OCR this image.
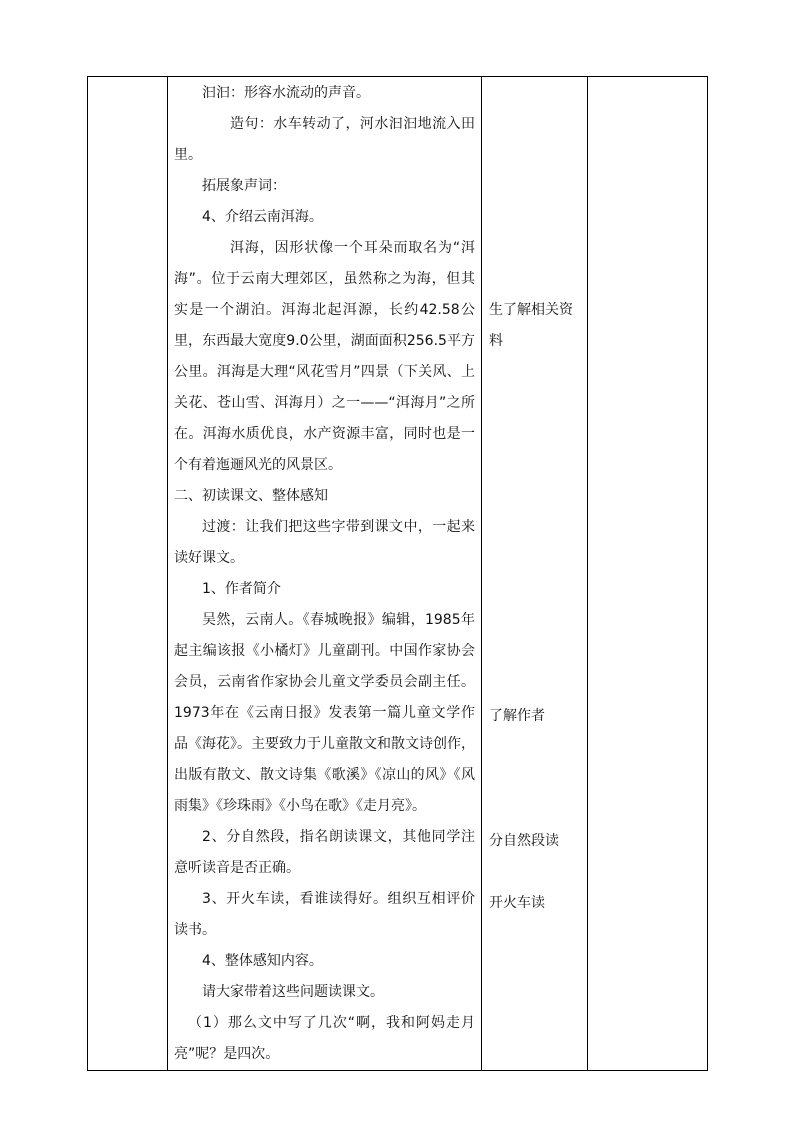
汩汩：形容水流动的声音。

造句：水车转动了，河水汩汩地流入田里。

拓展象声词：

4、介绍云南洱海。

洱海，因形状像一个耳朵而取名为“洱海”。位于云南大理郊区，虽然称之为海，但其实是一个湖泊。洱海北起洱源，长约42.58公里，东西最大宽度9.0公里，湖面面积256.5平方公里。洱海是大理“风花雪月”四景（下关风、上关花、苍山雪、洱海月）之一——“洱海月”之所在。洱海水质优良，水产资源丰富，同时也是一个有着迤逦风光的风景区。

二、初读课文、整体感知

过渡：让我们把这些字带到课文中，一起来读好课文。

1、作者简介

吴然，云南人。《春城晚报》编辑，1985年起主编该报《小橘灯》儿童副刊。中国作家协会会员，云南省作家协会儿童文学委员会副主任。1973年在《云南日报》发表第一篇儿童文学作品《海花》。主要致力于儿童散文和散文诗创作，出版有散文、散文诗集《歌溪》《凉山的风》《风雨集》《珍珠雨》《小鸟在歌》《走月亮》。

2、分自然段，指名朗读课文，其他同学注意听读音是否正确。

3、开火车读，看谁读得好。组织互相评价读书。

4、整体感知内容。

请大家带着这些问题读课文。

（1）那么文中写了几次“啊，我和阿妈走月亮”呢？是四次。

生了解相关资料

了解作者

分自然段读

开火车读
